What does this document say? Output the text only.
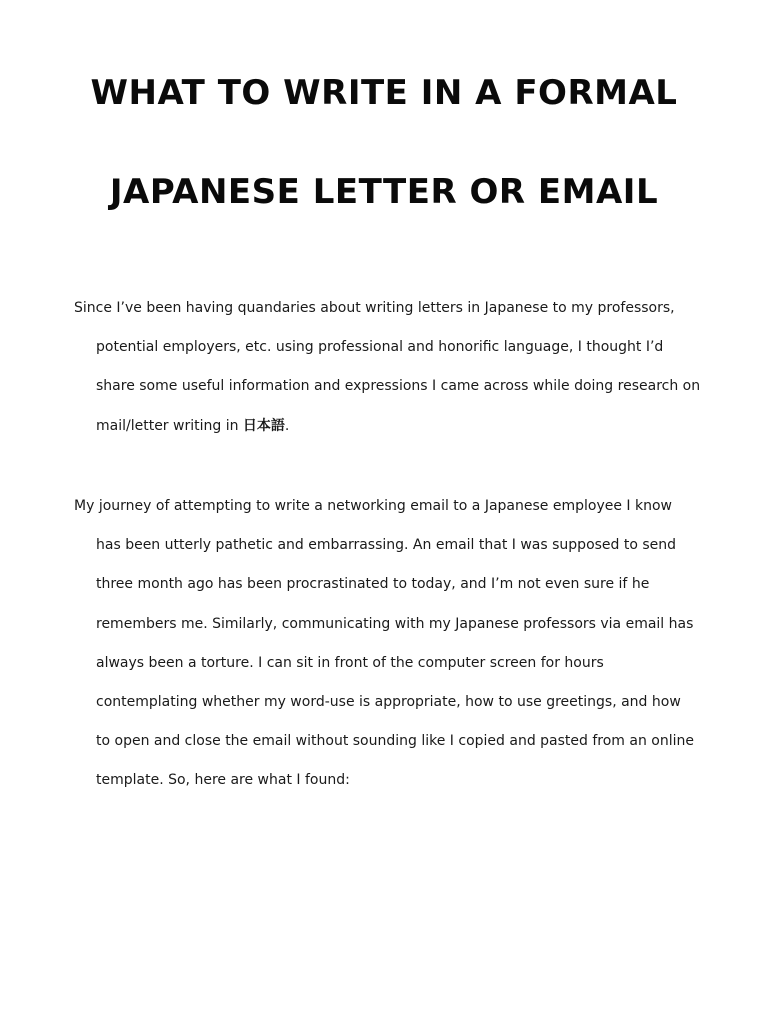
WHAT TO WRITE IN A FORMAL
JAPANESE LETTER OR EMAIL

Since I’ve been having quandaries about writing letters in Japanese to my professors,
potential employers, etc. using professional and honorific language, I thought I’d
share some useful information and expressions I came across while doing research on
mail/letter writing in 日本語.

My journey of attempting to write a networking email to a Japanese employee I know
has been utterly pathetic and embarrassing. An email that I was supposed to send
three month ago has been procrastinated to today, and I’m not even sure if he
remembers me. Similarly, communicating with my Japanese professors via email has
always been a torture. I can sit in front of the computer screen for hours
contemplating whether my word-use is appropriate, how to use greetings, and how
to open and close the email without sounding like I copied and pasted from an online
template. So, here are what I found:
